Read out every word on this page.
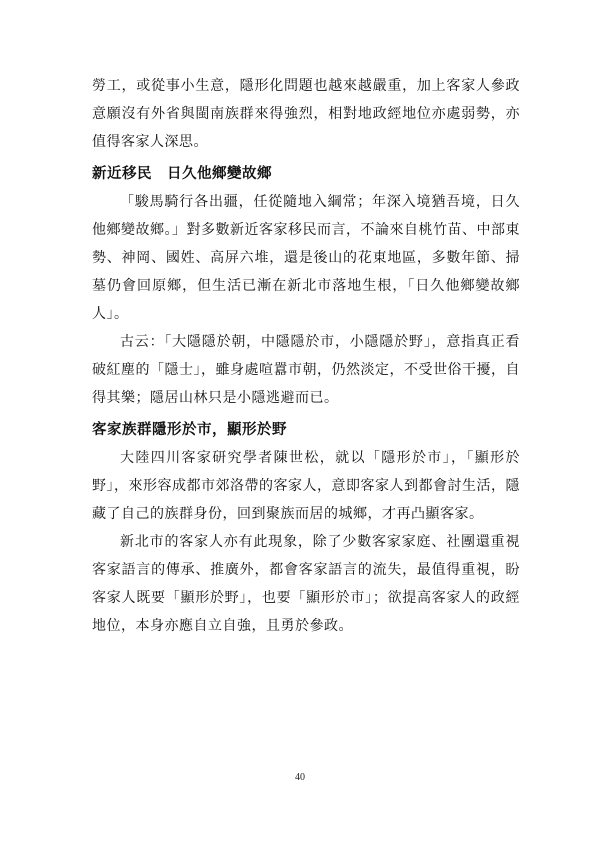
勞工，或從事小生意，隱形化問題也越來越嚴重，加上客家人參政意願沒有外省與閩南族群來得強烈，相對地政經地位亦處弱勢，亦值得客家人深思。

新近移民　日久他鄉變故鄉

「駿馬騎行各出疆，任從隨地入綱常；年深入境猶吾境，日久他鄉變故鄉。」對多數新近客家移民而言，不論來自桃竹苗、中部東勢、神岡、國姓、高屏六堆，還是後山的花東地區，多數年節、掃墓仍會回原鄉，但生活已漸在新北市落地生根，「日久他鄉變故鄉人」。

古云：「大隱隱於朝，中隱隱於市，小隱隱於野」，意指真正看破紅塵的「隱士」，雖身處喧囂市朝，仍然淡定，不受世俗干擾，自得其樂；隱居山林只是小隱逃避而已。

客家族群隱形於市，顯形於野

大陸四川客家研究學者陳世松，就以「隱形於市」，「顯形於野」，來形容成都市郊洛帶的客家人，意即客家人到都會討生活，隱藏了自己的族群身份，回到聚族而居的城鄉，才再凸顯客家。

新北市的客家人亦有此現象，除了少數客家家庭、社團還重視客家語言的傳承、推廣外，都會客家語言的流失，最值得重視，盼客家人既要「顯形於野」，也要「顯形於市」；欲提高客家人的政經地位，本身亦應自立自強，且勇於參政。

40
